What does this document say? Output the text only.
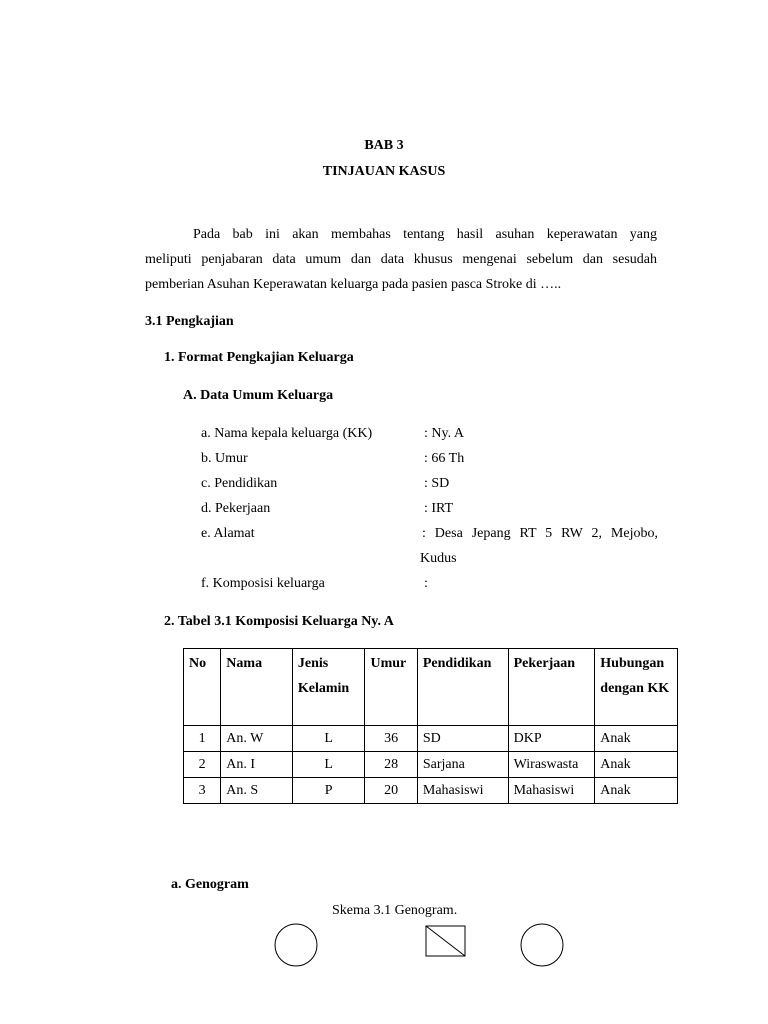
BAB 3
TINJAUAN KASUS
Pada bab ini akan membahas tentang hasil asuhan keperawatan yang
meliputi penjabaran data umum dan data khusus mengenai sebelum dan sesudah
pemberian Asuhan Keperawatan keluarga pada pasien pasca Stroke di …..
3.1 Pengkajian
1. Format Pengkajian Keluarga
A. Data Umum Keluarga
a. Nama kepala keluarga (KK)	: Ny. A
b. Umur	: 66 Th
c. Pendidikan	: SD
d. Pekerjaan	: IRT
e. Alamat	: Desa Jepang RT 5 RW 2, Mejobo,
Kudus
f. Komposisi keluarga	:
2. Tabel 3.1 Komposisi Keluarga Ny. A
No	Nama	Jenis Kelamin	Umur	Pendidikan	Pekerjaan	Hubungan dengan KK
1	An. W	L	36	SD	DKP	Anak
2	An. I	L	28	Sarjana	Wiraswasta	Anak
3	An. S	P	20	Mahasiswi	Mahasiswi	Anak
a. Genogram
Skema 3.1 Genogram.
